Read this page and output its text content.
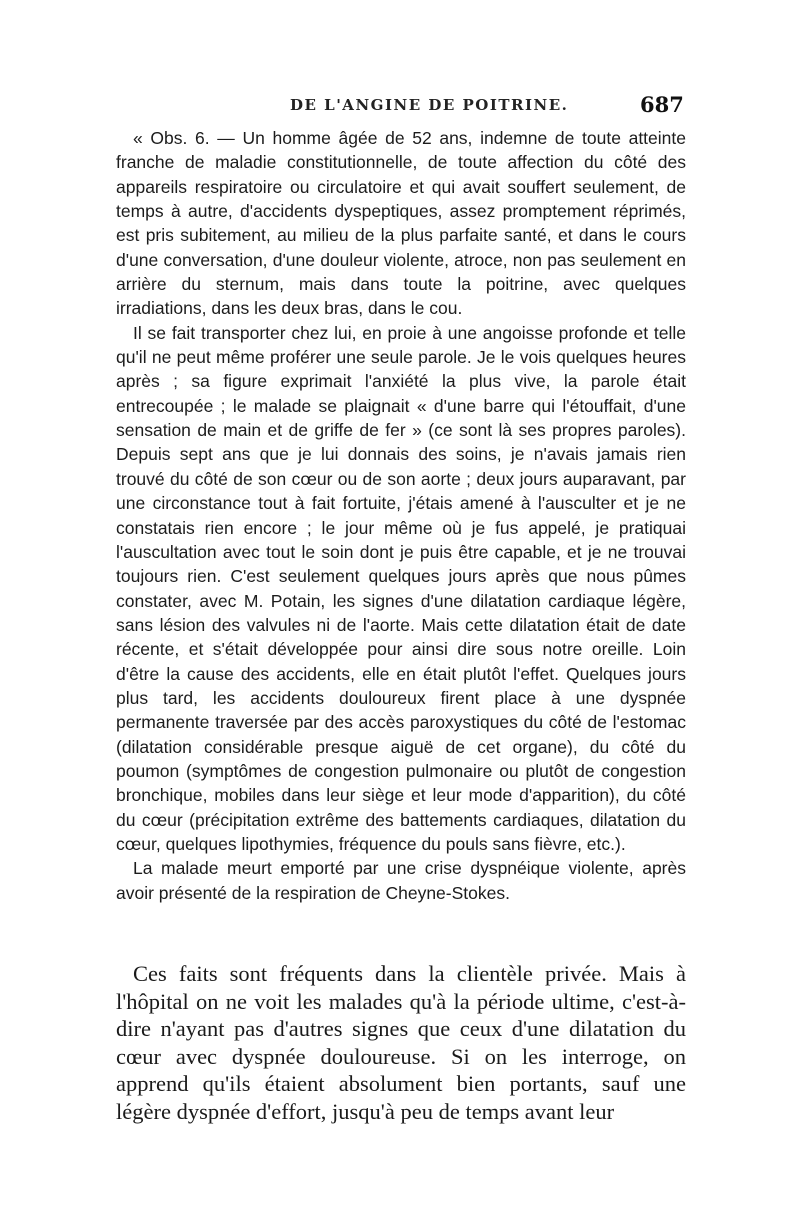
DE L'ANGINE DE POITRINE.	687

« Obs. 6. — Un homme âgée de 52 ans, indemne de toute atteinte franche de maladie constitutionnelle, de toute affection du côté des appareils respiratoire ou circulatoire et qui avait souffert seulement, de temps à autre, d'accidents dyspeptiques, assez promptement réprimés, est pris subitement, au milieu de la plus parfaite santé, et dans le cours d'une conversation, d'une douleur violente, atroce, non pas seulement en arrière du sternum, mais dans toute la poitrine, avec quelques irradiations, dans les deux bras, dans le cou.

Il se fait transporter chez lui, en proie à une angoisse profonde et telle qu'il ne peut même proférer une seule parole. Je le vois quelques heures après ; sa figure exprimait l'anxiété la plus vive, la parole était entrecoupée ; le malade se plaignait « d'une barre qui l'étouffait, d'une sensation de main et de griffe de fer » (ce sont là ses propres paroles). Depuis sept ans que je lui donnais des soins, je n'avais jamais rien trouvé du côté de son cœur ou de son aorte ; deux jours auparavant, par une circonstance tout à fait fortuite, j'étais amené à l'ausculter et je ne constatais rien encore ; le jour même où je fus appelé, je pratiquai l'auscultation avec tout le soin dont je puis être capable, et je ne trouvai toujours rien. C'est seulement quelques jours après que nous pûmes constater, avec M. Potain, les signes d'une dilatation cardiaque légère, sans lésion des valvules ni de l'aorte. Mais cette dilatation était de date récente, et s'était développée pour ainsi dire sous notre oreille. Loin d'être la cause des accidents, elle en était plutôt l'effet. Quelques jours plus tard, les accidents douloureux firent place à une dyspnée permanente traversée par des accès paroxystiques du côté de l'estomac (dilatation considérable presque aiguë de cet organe), du côté du poumon (symptômes de congestion pulmonaire ou plutôt de congestion bronchique, mobiles dans leur siège et leur mode d'apparition), du côté du cœur (précipitation extrême des battements cardiaques, dilatation du cœur, quelques lipothymies, fréquence du pouls sans fièvre, etc.).

La malade meurt emporté par une crise dyspnéique violente, après avoir présenté de la respiration de Cheyne-Stokes.

Ces faits sont fréquents dans la clientèle privée. Mais à l'hôpital on ne voit les malades qu'à la période ultime, c'est-à-dire n'ayant pas d'autres signes que ceux d'une dilatation du cœur avec dyspnée douloureuse. Si on les interroge, on apprend qu'ils étaient absolument bien portants, sauf une légère dyspnée d'effort, jusqu'à peu de temps avant leur
